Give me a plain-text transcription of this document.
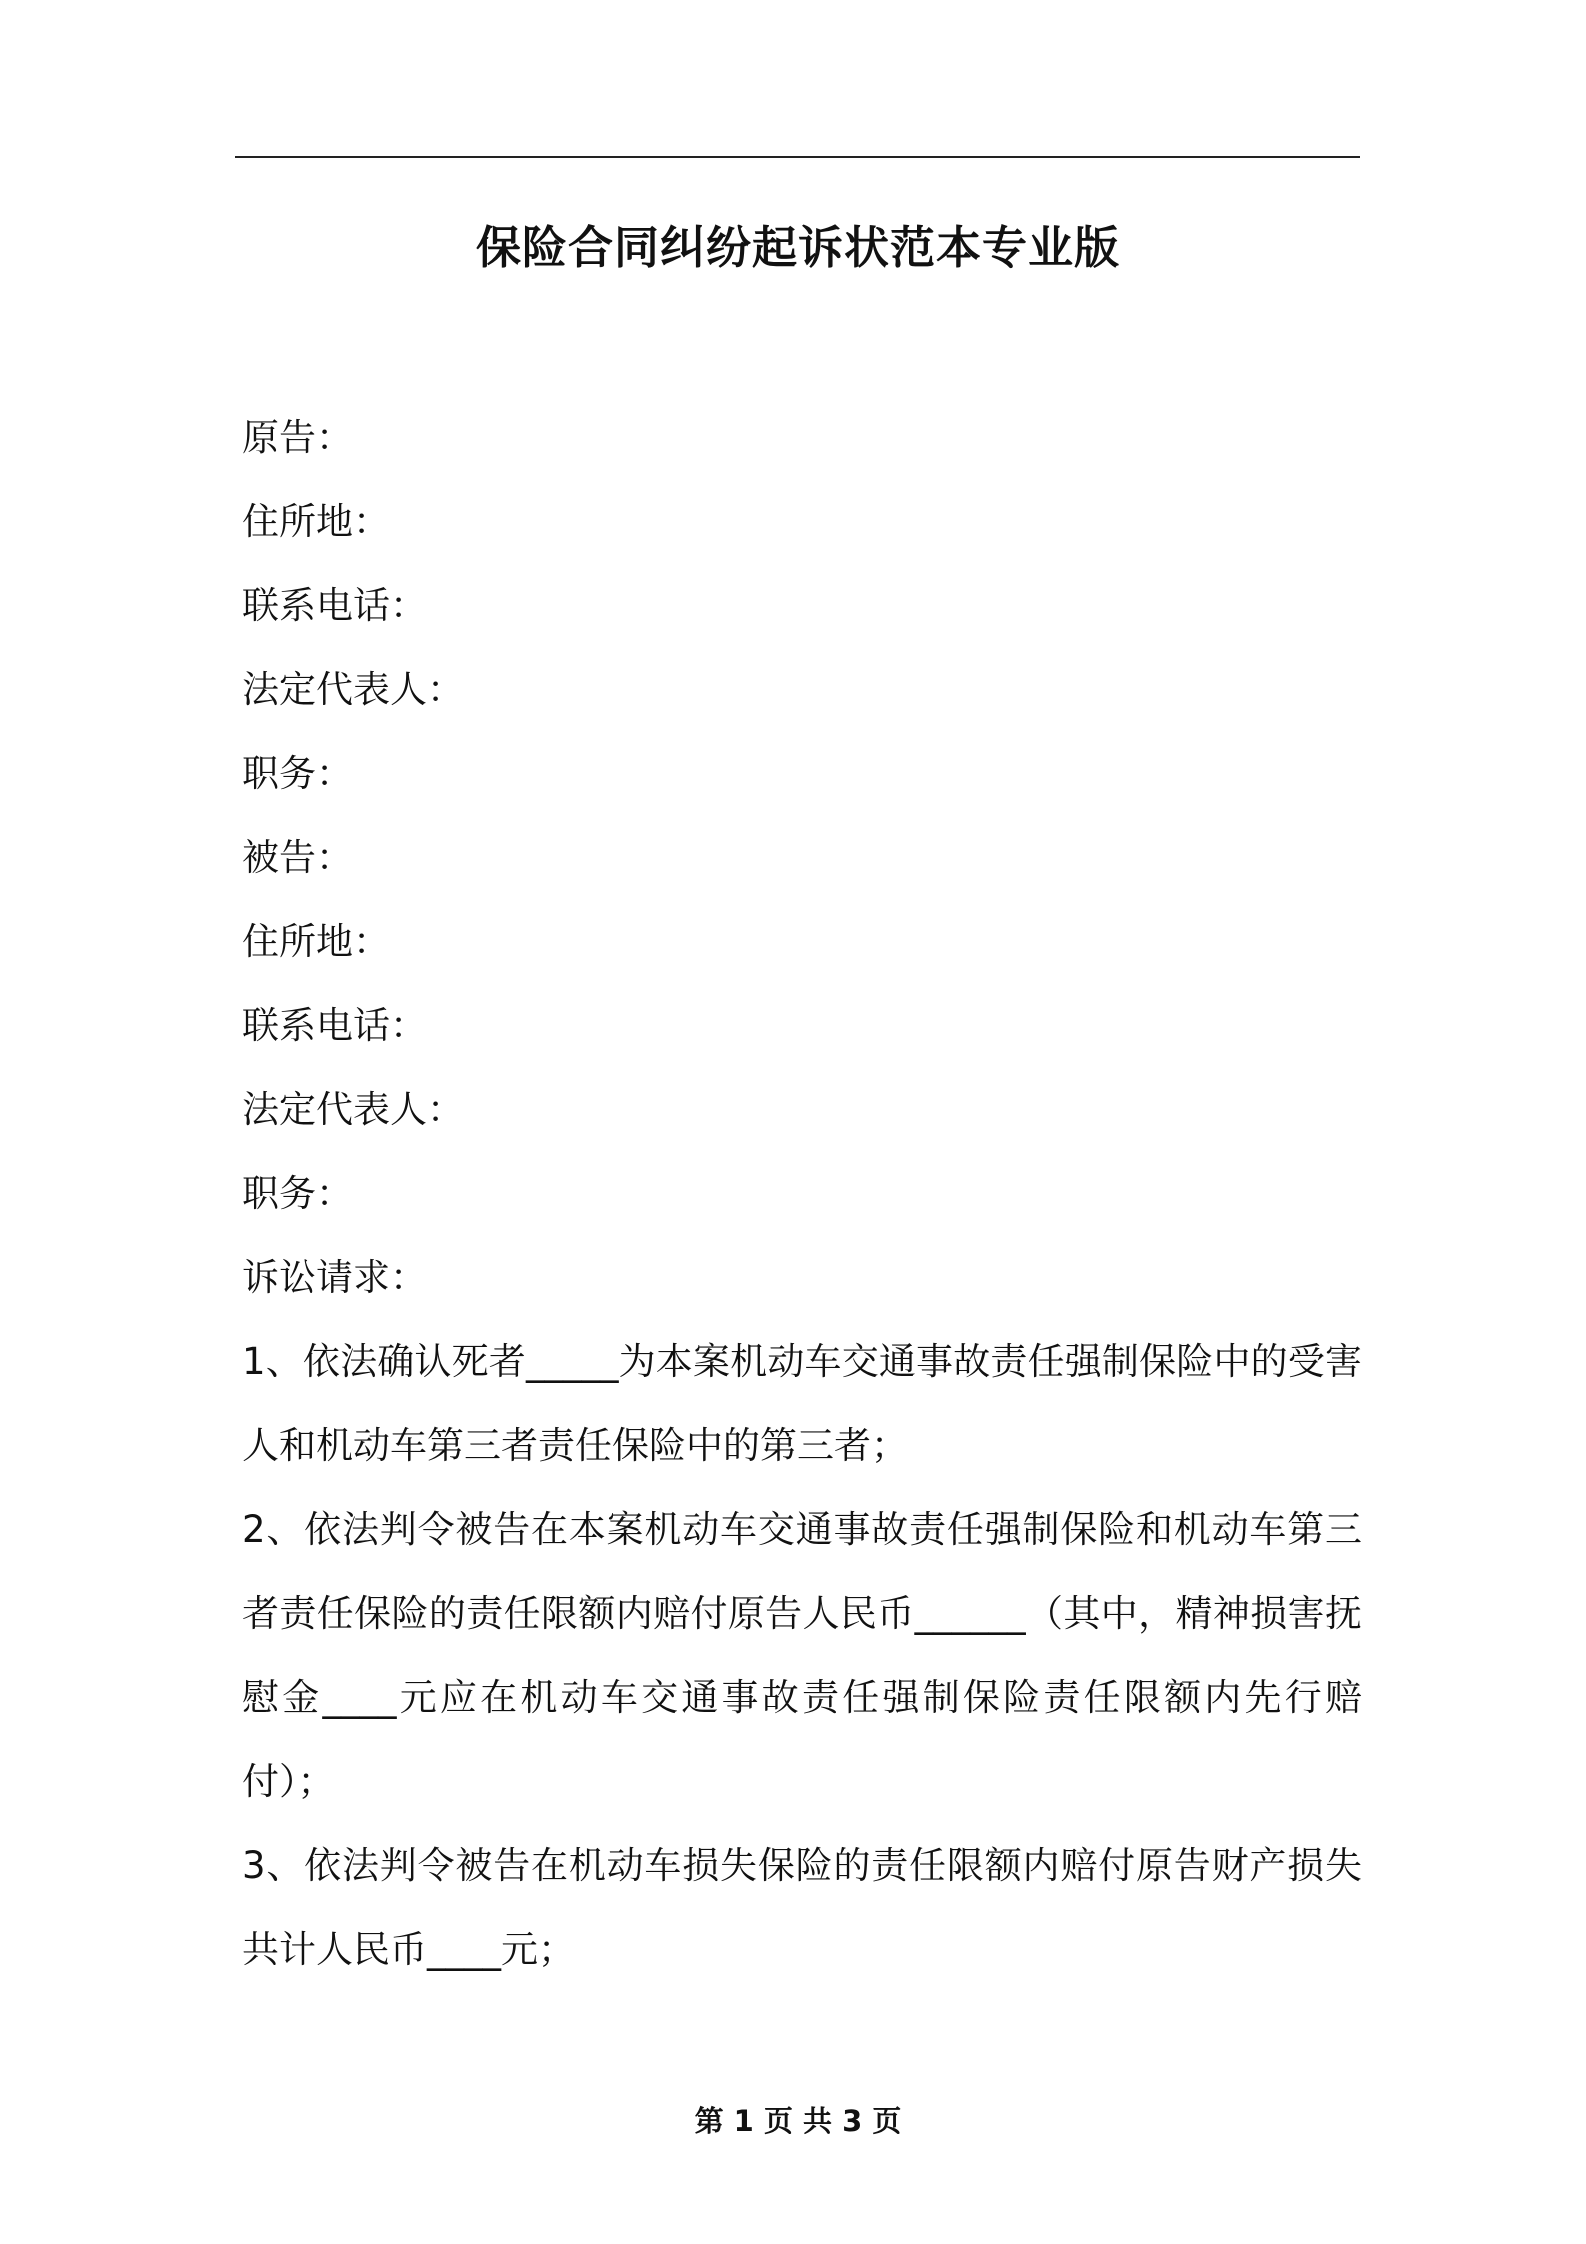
保险合同纠纷起诉状范本专业版
原告：
住所地：
联系电话：
法定代表人：
职务：
被告：
住所地：
联系电话：
法定代表人：
职务：
诉讼请求：
1、依法确认死者_____为本案机动车交通事故责任强制保险中的受害人和机动车第三者责任保险中的第三者；
2、依法判令被告在本案机动车交通事故责任强制保险和机动车第三者责任保险的责任限额内赔付原告人民币______（其中，精神损害抚慰金____元应在机动车交通事故责任强制保险责任限额内先行赔付）；
3、依法判令被告在机动车损失保险的责任限额内赔付原告财产损失共计人民币____元；
第 1 页 共 3 页
